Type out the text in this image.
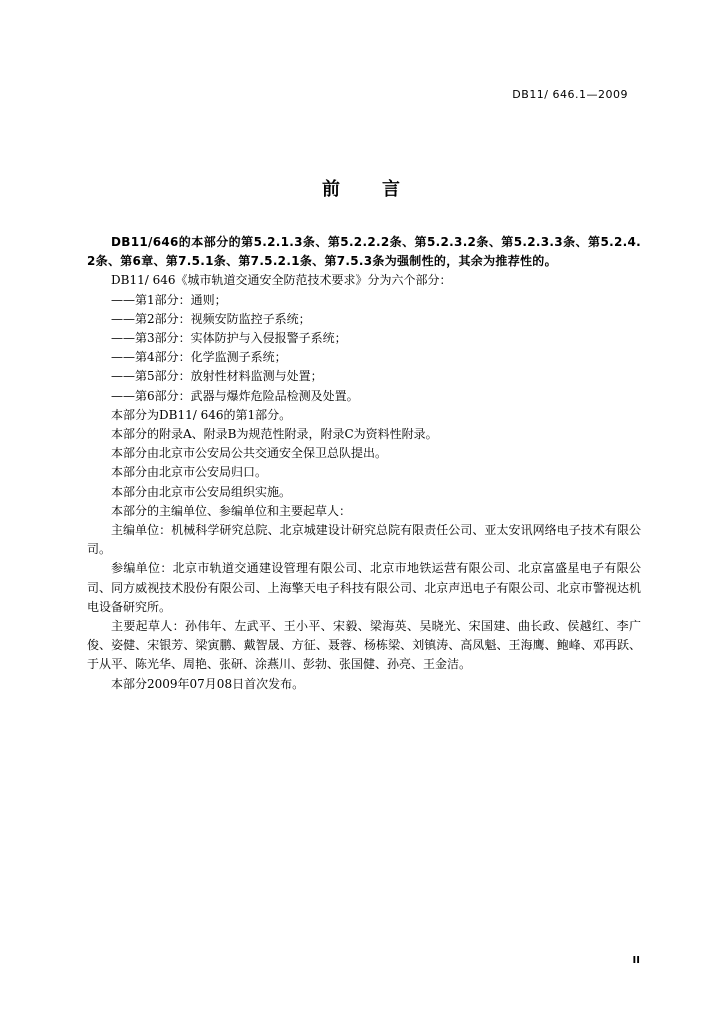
DB11/ 646.1—2009
前 言

DB11/646的本部分的第5.2.1.3条、第5.2.2.2条、第5.2.3.2条、第5.2.3.3条、第5.2.4.2条、第6章、第7.5.1条、第7.5.2.1条、第7.5.3条为强制性的，其余为推荐性的。

DB11/ 646《城市轨道交通安全防范技术要求》分为六个部分：

——第1部分：通则；

——第2部分：视频安防监控子系统；

——第3部分：实体防护与入侵报警子系统；

——第4部分：化学监测子系统；

——第5部分：放射性材料监测与处置；

——第6部分：武器与爆炸危险品检测及处置。

本部分为DB11/ 646的第1部分。

本部分的附录A、附录B为规范性附录，附录C为资料性附录。

本部分由北京市公安局公共交通安全保卫总队提出。

本部分由北京市公安局归口。

本部分由北京市公安局组织实施。

本部分的主编单位、参编单位和主要起草人：

主编单位：机械科学研究总院、北京城建设计研究总院有限责任公司、亚太安讯网络电子技术有限公司。

参编单位：北京市轨道交通建设管理有限公司、北京市地铁运营有限公司、北京富盛星电子有限公司、同方威视技术股份有限公司、上海擎天电子科技有限公司、北京声迅电子有限公司、北京市警视达机电设备研究所。

主要起草人：孙伟年、左武平、王小平、宋毅、梁海英、吴晓光、宋国建、曲长政、侯越红、李广俊、姿健、宋银芳、梁寅鹏、戴智晟、方征、聂蓉、杨栋梁、刘镇涛、高凤魁、王海鹰、鲍峰、邓再跃、于从平、陈光华、周艳、张研、涂燕川、彭勃、张国健、孙亮、王金洁。

本部分2009年07月08日首次发布。

II
